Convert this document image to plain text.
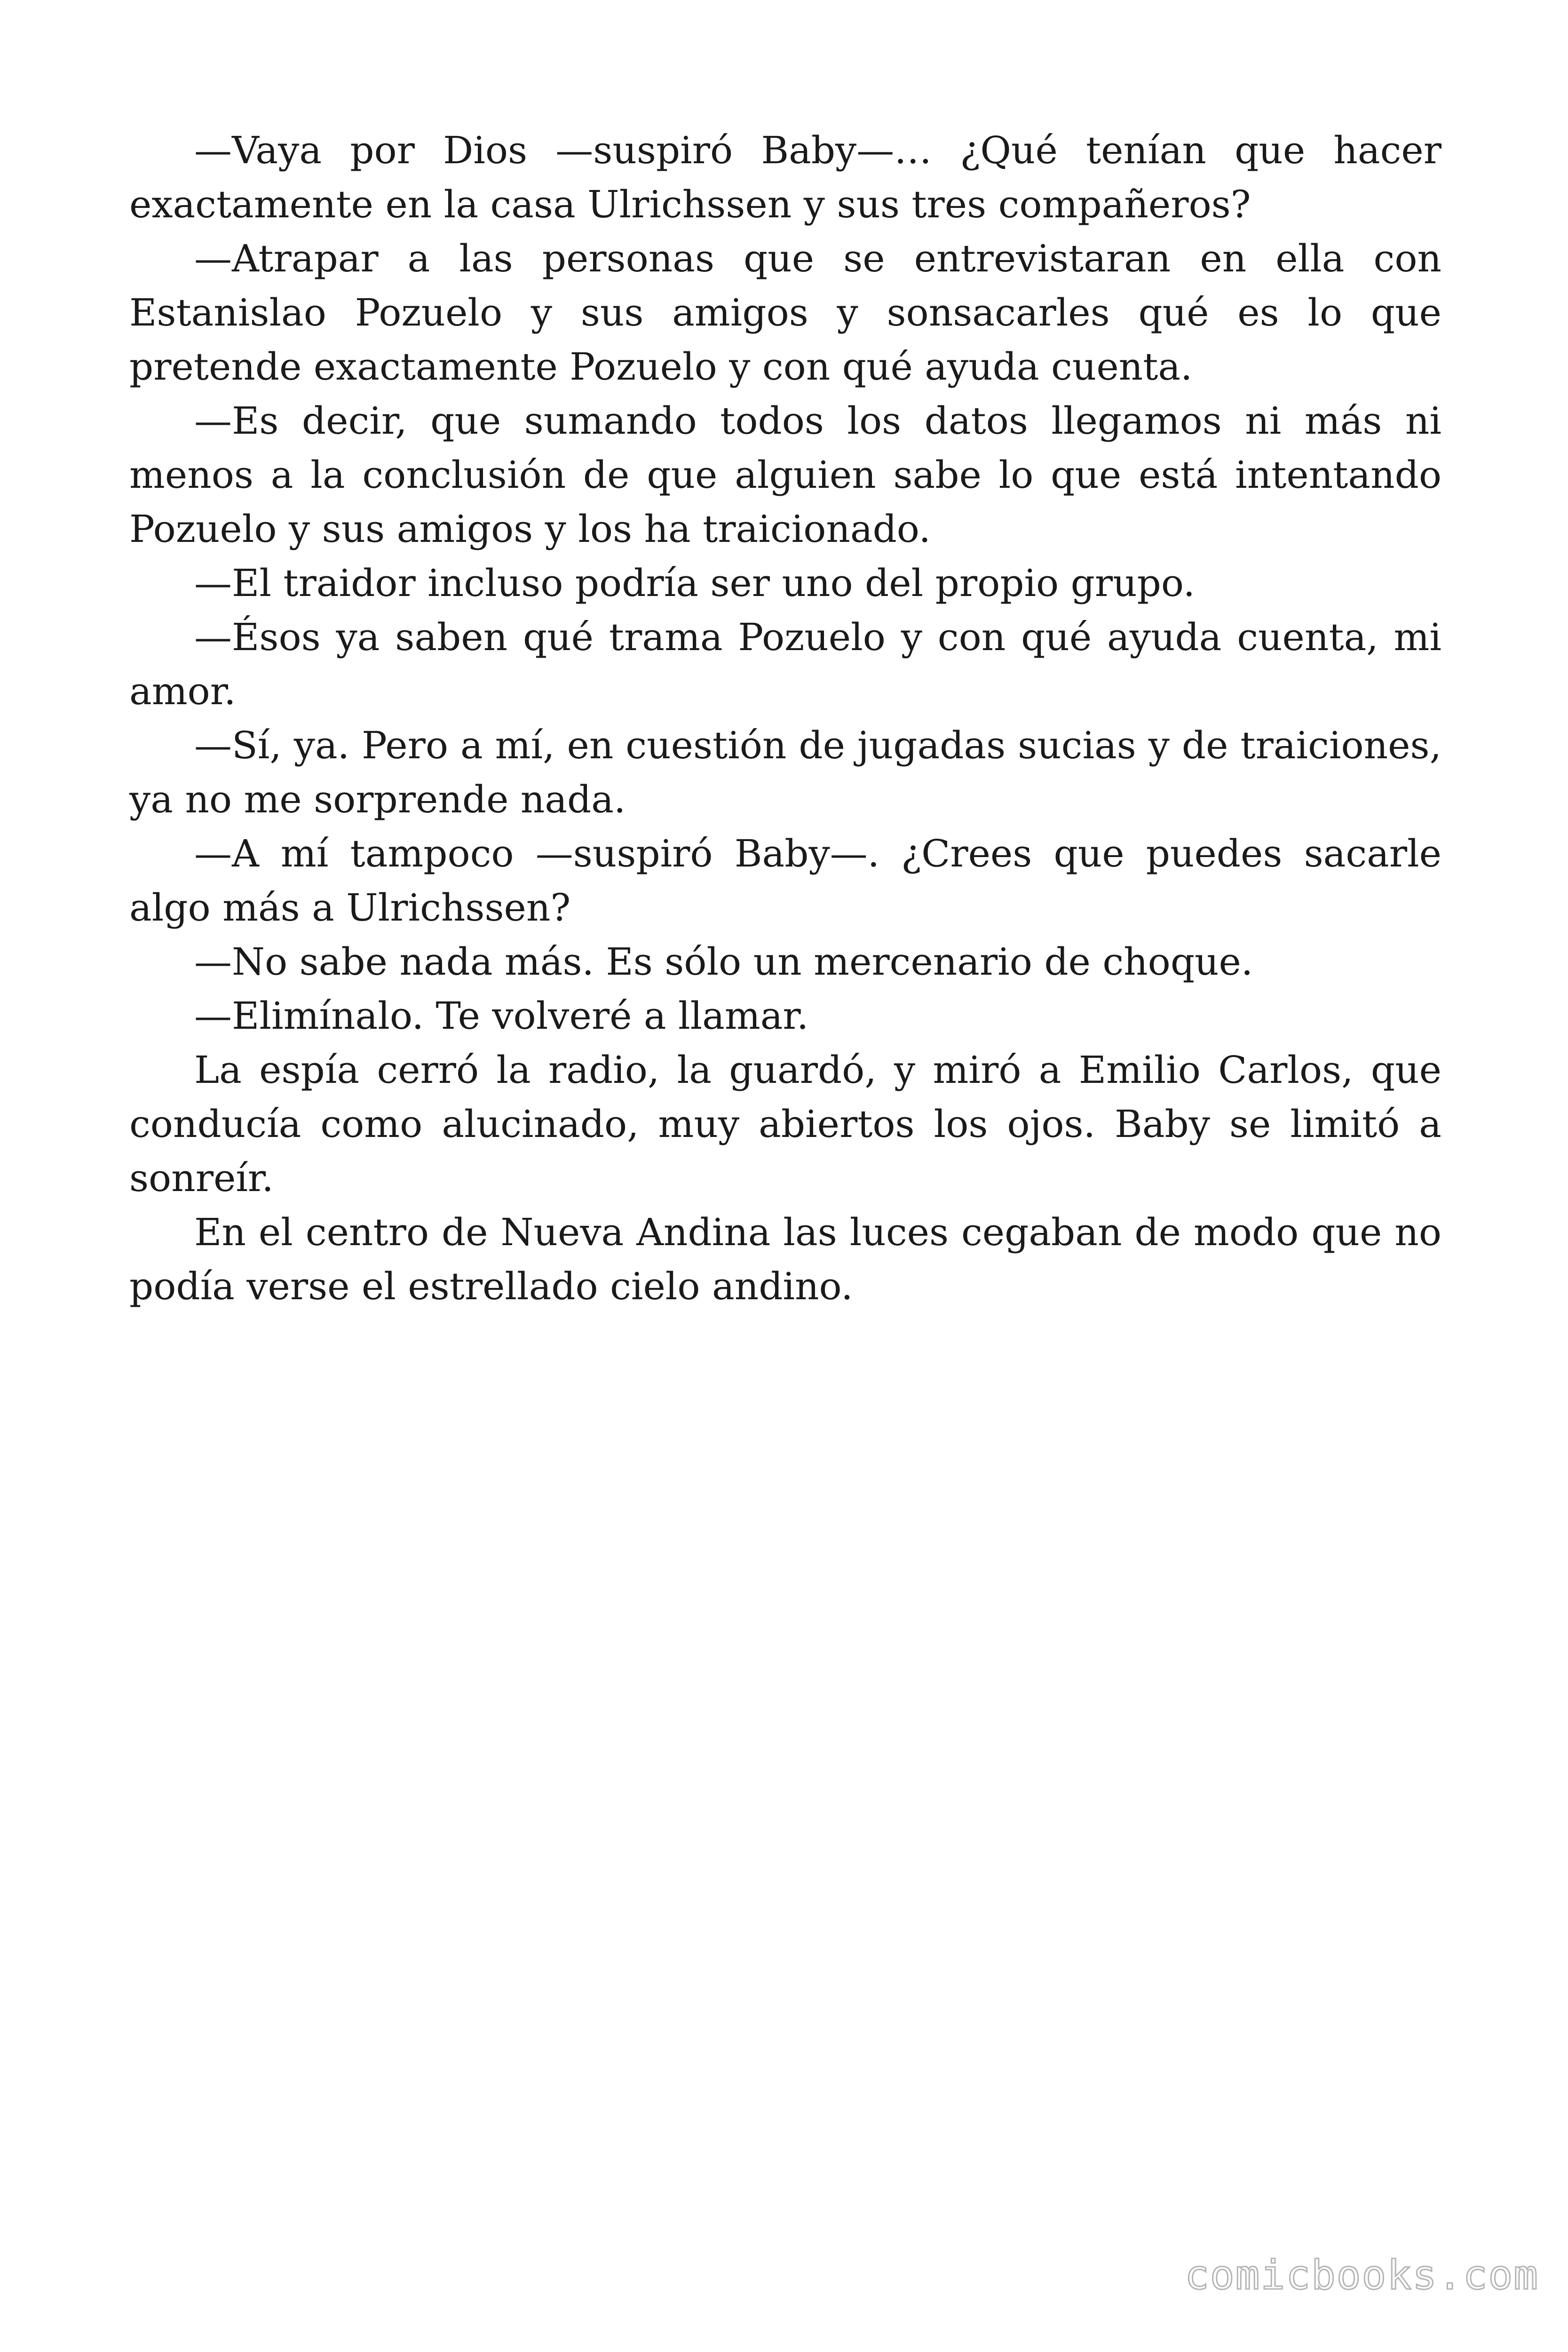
—Vaya por Dios —suspiró Baby—… ¿Qué tenían que hacer exactamente en la casa Ulrichssen y sus tres compañeros?

—Atrapar a las personas que se entrevistaran en ella con Estanislao Pozuelo y sus amigos y sonsacarles qué es lo que pretende exactamente Pozuelo y con qué ayuda cuenta.

—Es decir, que sumando todos los datos llegamos ni más ni menos a la conclusión de que alguien sabe lo que está intentando Pozuelo y sus amigos y los ha traicionado.

—El traidor incluso podría ser uno del propio grupo.

—Ésos ya saben qué trama Pozuelo y con qué ayuda cuenta, mi amor.

—Sí, ya. Pero a mí, en cuestión de jugadas sucias y de traiciones, ya no me sorprende nada.

—A mí tampoco —suspiró Baby—. ¿Crees que puedes sacarle algo más a Ulrichssen?

—No sabe nada más. Es sólo un mercenario de choque.

—Elimínalo. Te volveré a llamar.

La espía cerró la radio, la guardó, y miró a Emilio Carlos, que conducía como alucinado, muy abiertos los ojos. Baby se limitó a sonreír.

En el centro de Nueva Andina las luces cegaban de modo que no podía verse el estrellado cielo andino.

comicbooks.com
